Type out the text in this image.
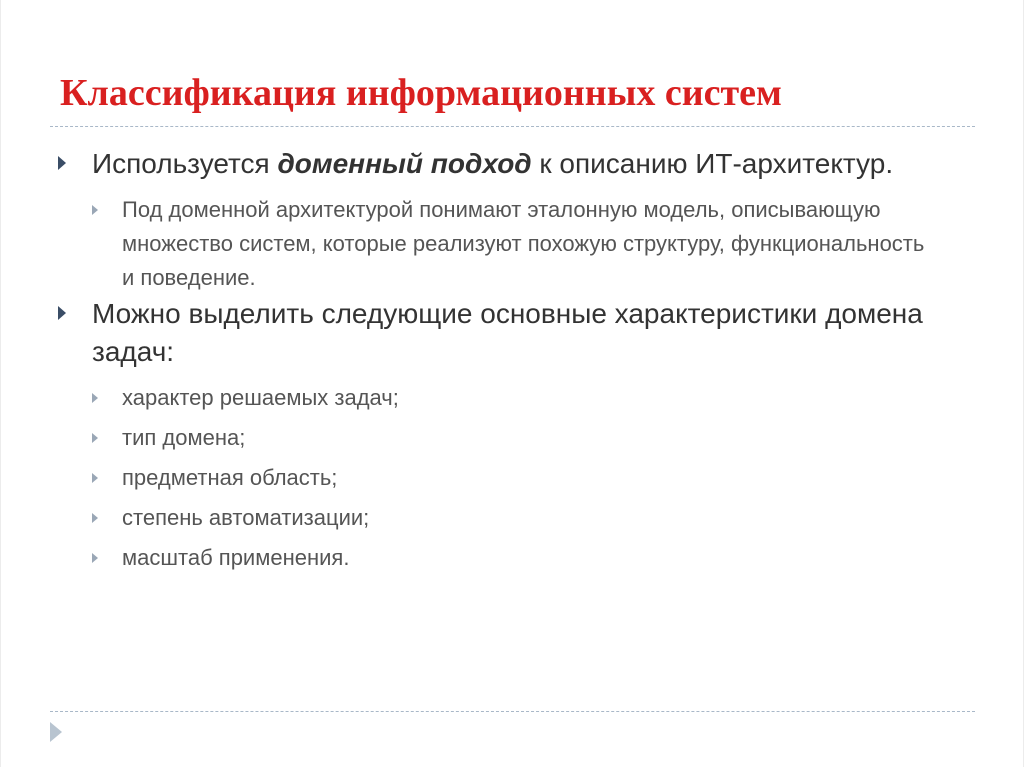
Классификация информационных систем
Используется доменный подход к описанию ИТ-архитектур.
Под доменной архитектурой понимают эталонную модель, описывающую множество систем, которые реализуют похожую структуру, функциональность и поведение.
Можно выделить следующие основные характеристики домена задач:
характер решаемых задач;
тип домена;
предметная область;
степень автоматизации;
масштаб применения.
